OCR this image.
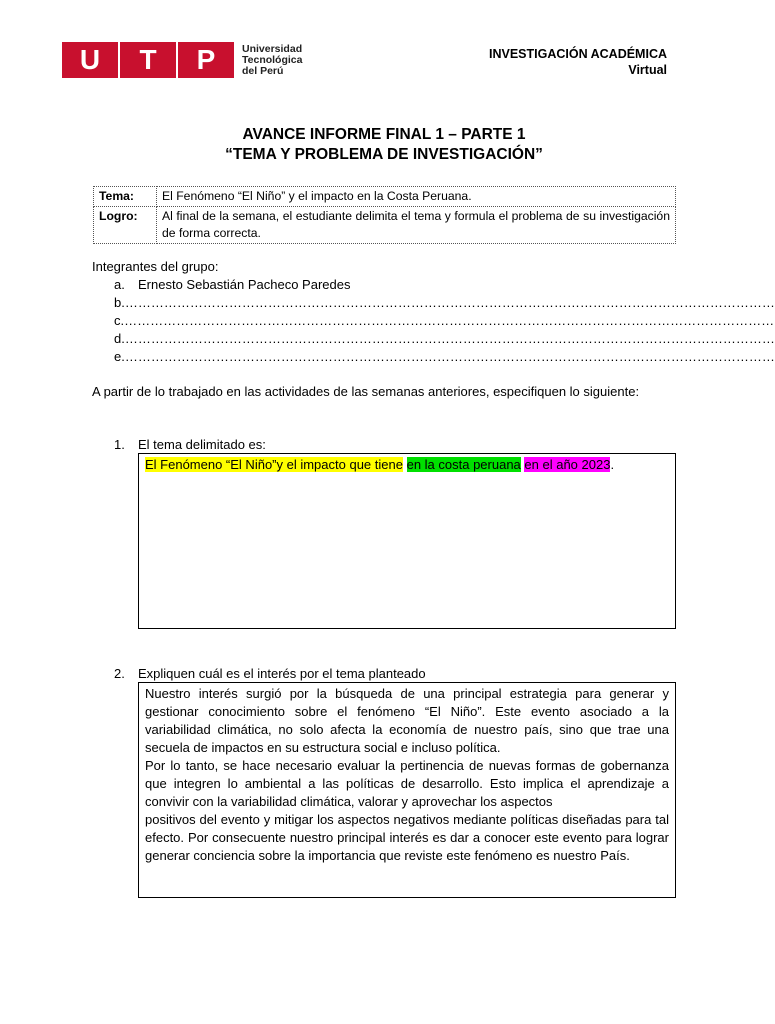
U	T	P	Universidad
Tecnológica
del Perú
INVESTIGACIÓN ACADÉMICA
Virtual
AVANCE INFORME FINAL 1 – PARTE 1
“TEMA Y PROBLEMA DE INVESTIGACIÓN”
Tema:	El Fenómeno “El Niño” y el impacto en la Costa Peruana.
Logro:	Al final de la semana, el estudiante delimita el tema y formula el problema de su investigación de forma correcta.
Integrantes del grupo:
a.	Ernesto Sebastián Pacheco Paredes
b. ……………………………………………………………………………………………………………………………………
c. ……………………………………………………………………………………………………………………………………
d. ……………………………………………………………………………………………………………………………………
e. ……………………………………………………………………………………………………………………………………
A partir de lo trabajado en las actividades de las semanas anteriores, especifiquen lo siguiente:
1. El tema delimitado es:
El Fenómeno “El Niño”y el impacto que tiene en la costa peruana en el año 2023.
2. Expliquen cuál es el interés por el tema planteado
Nuestro interés surgió por la búsqueda de una principal estrategia para generar y gestionar conocimiento sobre el fenómeno “El Niño”. Este evento asociado a la variabilidad climática, no solo afecta la economía de nuestro país, sino que trae una secuela de impactos en su estructura social e incluso política.
Por lo tanto, se hace necesario evaluar la pertinencia de nuevas formas de gobernanza que integren lo ambiental a las políticas de desarrollo. Esto implica el aprendizaje a convivir con la variabilidad climática, valorar y aprovechar los aspectos
positivos del evento y mitigar los aspectos negativos mediante políticas diseñadas para tal efecto. Por consecuente nuestro principal interés es dar a conocer este evento para lograr generar conciencia sobre la importancia que reviste este fenómeno es nuestro País.
